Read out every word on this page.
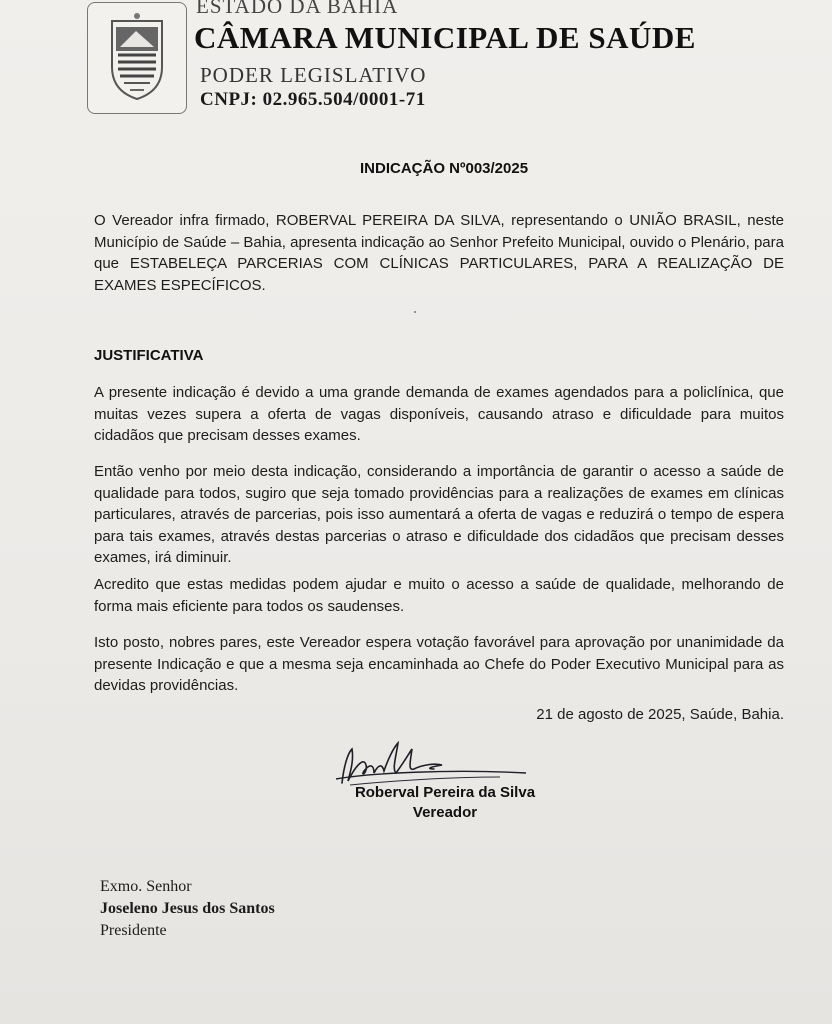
ESTADO DA BAHIA
CÂMARA MUNICIPAL DE SAÚDE
PODER LEGISLATIVO
CNPJ: 02.965.504/0001-71
INDICAÇÃO Nº003/2025

O Vereador infra firmado, ROBERVAL PEREIRA DA SILVA, representando o UNIÃO BRASIL, neste Município de Saúde – Bahia, apresenta indicação ao Senhor Prefeito Municipal, ouvido o Plenário, para que ESTABELEÇA PARCERIAS COM CLÍNICAS PARTICULARES, PARA A REALIZAÇÃO DE EXAMES ESPECÍFICOS.

JUSTIFICATIVA

A presente indicação é devido a uma grande demanda de exames agendados para a policlínica, que muitas vezes supera a oferta de vagas disponíveis, causando atraso e dificuldade para muitos cidadãos que precisam desses exames.

Então venho por meio desta indicação, considerando a importância de garantir o acesso a saúde de qualidade para todos, sugiro que seja tomado providências para a realizações de exames em clínicas particulares, através de parcerias, pois isso aumentará a oferta de vagas e reduzirá o tempo de espera para tais exames, através destas parcerias o atraso e dificuldade dos cidadãos que precisam desses exames, irá diminuir.

Acredito que estas medidas podem ajudar e muito o acesso a saúde de qualidade, melhorando de forma mais eficiente para todos os saudenses.

Isto posto, nobres pares, este Vereador espera votação favorável para aprovação por unanimidade da presente Indicação e que a mesma seja encaminhada ao Chefe do Poder Executivo Municipal para as devidas providências.

21 de agosto de 2025, Saúde, Bahia.
Roberval Pereira da Silva
Vereador
Exmo. Senhor
Joseleno Jesus dos Santos
Presidente
